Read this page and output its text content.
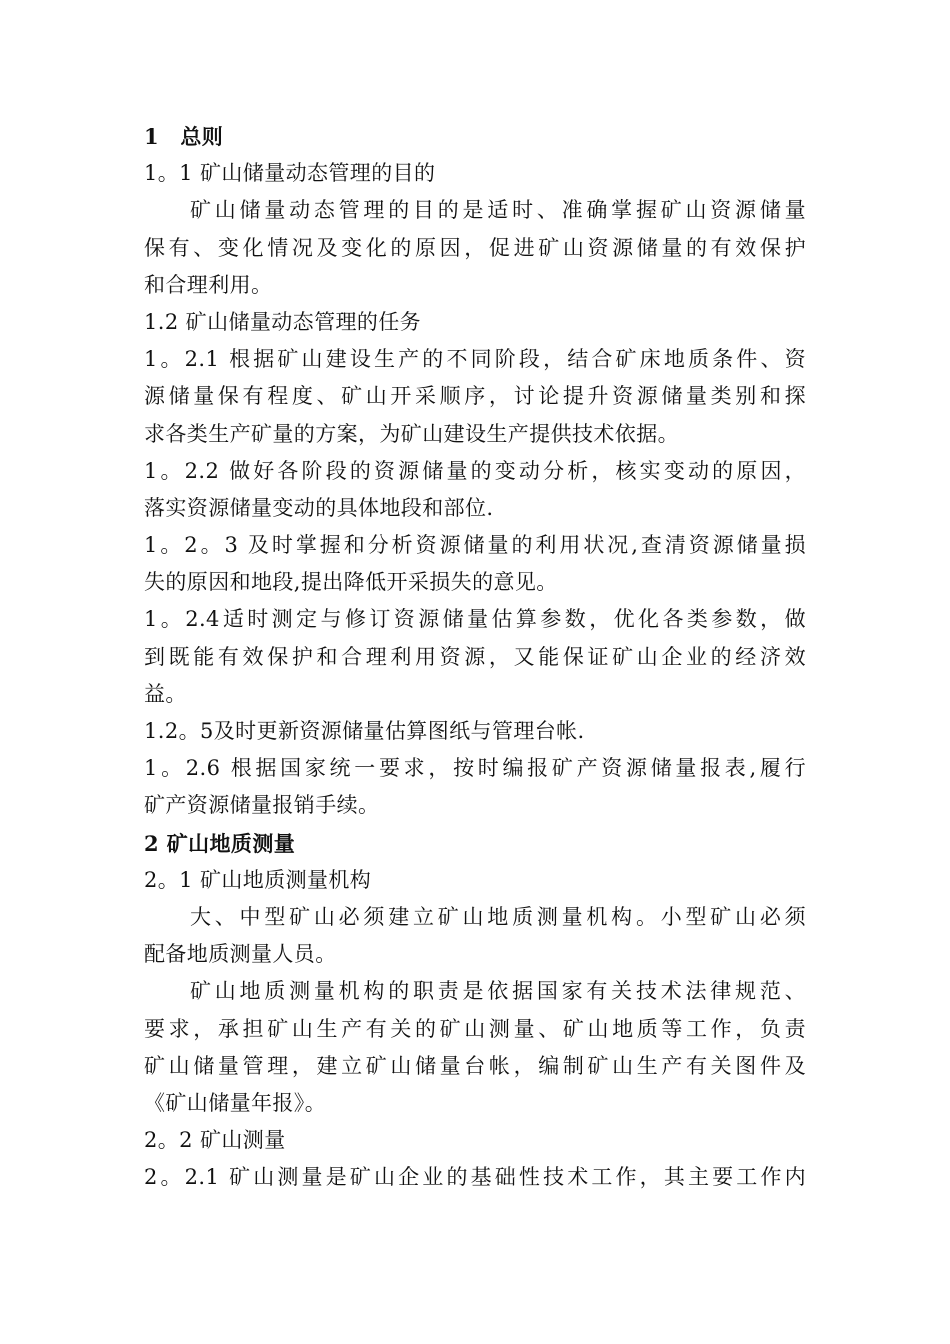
1　总则
1。1 矿山储量动态管理的目的
矿山储量动态管理的目的是适时、准确掌握矿山资源储量
保有、变化情况及变化的原因，促进矿山资源储量的有效保护
和合理利用。
1.2 矿山储量动态管理的任务
1。2.1 根据矿山建设生产的不同阶段，结合矿床地质条件、资
源储量保有程度、矿山开采顺序，讨论提升资源储量类别和探
求各类生产矿量的方案，为矿山建设生产提供技术依据。
1。2.2 做好各阶段的资源储量的变动分析，核实变动的原因，
落实资源储量变动的具体地段和部位.
1。2。3 及时掌握和分析资源储量的利用状况,查清资源储量损
失的原因和地段,提出降低开采损失的意见。
1。2.4适时测定与修订资源储量估算参数，优化各类参数，做
到既能有效保护和合理利用资源，又能保证矿山企业的经济效
益。
1.2。5及时更新资源储量估算图纸与管理台帐.
1。2.6 根据国家统一要求，按时编报矿产资源储量报表,履行
矿产资源储量报销手续。
2 矿山地质测量
2。1 矿山地质测量机构
大、中型矿山必须建立矿山地质测量机构。小型矿山必须
配备地质测量人员。
矿山地质测量机构的职责是依据国家有关技术法律规范、
要求，承担矿山生产有关的矿山测量、矿山地质等工作，负责
矿山储量管理，建立矿山储量台帐，编制矿山生产有关图件及
《矿山储量年报》。
2。2 矿山测量
2。2.1 矿山测量是矿山企业的基础性技术工作，其主要工作内
